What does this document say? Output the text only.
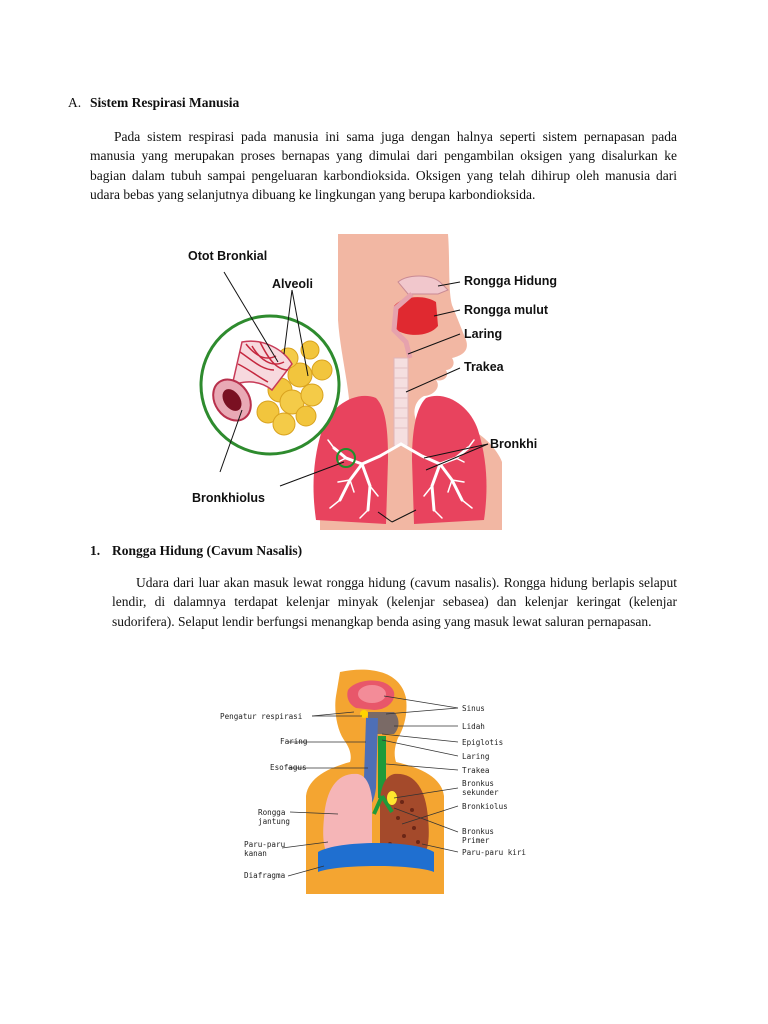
A. Sistem Respirasi Manusia

Pada sistem respirasi pada manusia ini sama juga dengan halnya seperti sistem pernapasan pada manusia yang merupakan proses bernapas yang dimulai dari pengambilan oksigen yang disalurkan ke bagian dalam tubuh sampai pengeluaran karbondioksida. Oksigen yang telah dihirup oleh manusia dari udara bebas yang selanjutnya dibuang ke lingkungan yang berupa karbondioksida.

Otot Bronkial
Alveoli
Bronkhiolus
Rongga Hidung
Rongga mulut
Laring
Trakea
Bronkhi
1. Rongga Hidung (Cavum Nasalis)

Udara dari luar akan masuk lewat rongga hidung (cavum nasalis). Rongga hidung berlapis selaput lendir, di dalamnya terdapat kelenjar minyak (kelenjar sebasea) dan kelenjar keringat (kelenjar sudorifera). Selaput lendir berfungsi menangkap benda asing yang masuk lewat saluran pernapasan.

Pengatur respirasi
Faring
Esofagus
Rongga
jantung
Paru-paru
kanan
Diafragma
Sinus
Lidah
Epiglotis
Laring
Trakea
Bronkus
sekunder
Bronkiolus
Bronkus
Primer
Paru-paru kiri
